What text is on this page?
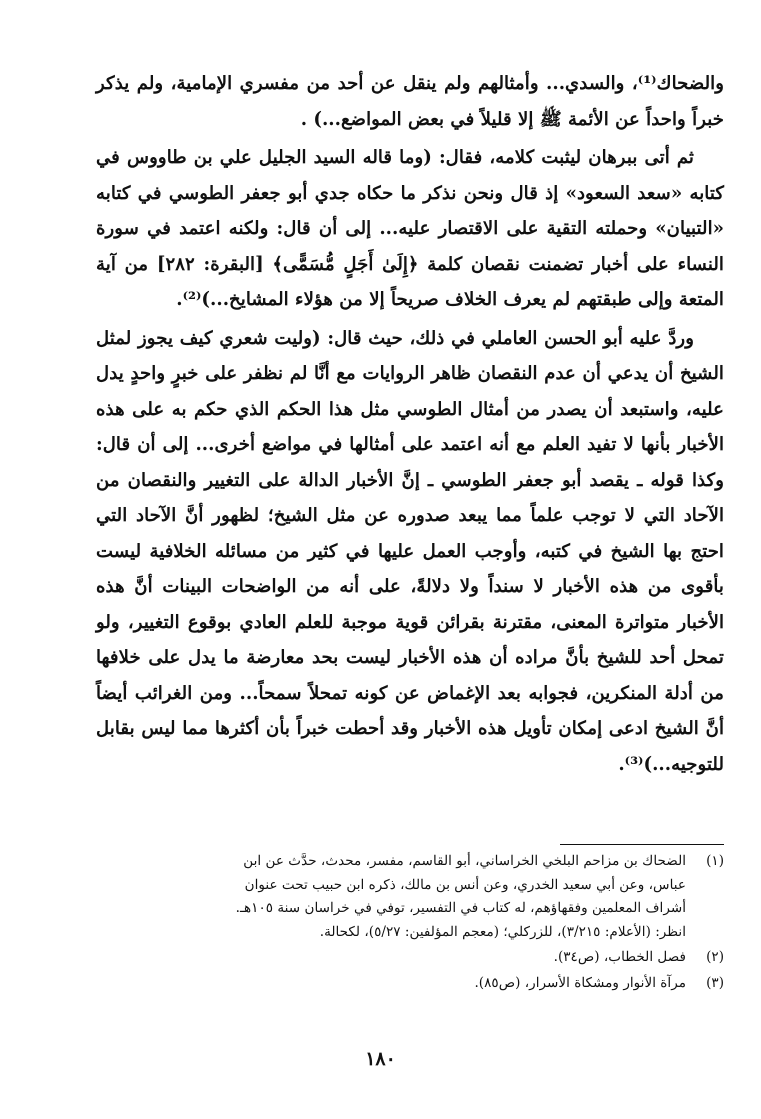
والضحاك⁽¹⁾، والسدي... وأمثالهم ولم ينقل عن أحد من مفسري الإمامية، ولم يذكر خبراً واحداً عن الأئمة ﷺ إلا قليلاً في بعض المواضع...) .

ثم أتى ببرهان ليثبت كلامه، فقال: (وما قاله السيد الجليل علي بن طاووس في كتابه «سعد السعود» إذ قال ونحن نذكر ما حكاه جدي أبو جعفر الطوسي في كتابه «التبيان» وحملته التقية على الاقتصار عليه... إلى أن قال: ولكنه اعتمد في سورة النساء على أخبار تضمنت نقصان كلمة ﴿إِلَىٰ أَجَلٍ مُّسَمًّى﴾ [البقرة: ٢٨٢] من آية المتعة وإلى طبقتهم لم يعرف الخلاف صريحاً إلا من هؤلاء المشايخ...)⁽²⁾.

وردَّ عليه أبو الحسن العاملي في ذلك، حيث قال: (وليت شعري كيف يجوز لمثل الشيخ أن يدعي أن عدم النقصان ظاهر الروايات مع أنَّا لم نظفر على خبرٍ واحدٍ يدل عليه، واستبعد أن يصدر من أمثال الطوسي مثل هذا الحكم الذي حكم به على هذه الأخبار بأنها لا تفيد العلم مع أنه اعتمد على أمثالها في مواضع أخرى... إلى أن قال: وكذا قوله ـ يقصد أبو جعفر الطوسي ـ إنَّ الأخبار الدالة على التغيير والنقصان من الآحاد التي لا توجب علماً مما يبعد صدوره عن مثل الشيخ؛ لظهور أنَّ الآحاد التي احتج بها الشيخ في كتبه، وأوجب العمل عليها في كثير من مسائله الخلافية ليست بأقوى من هذه الأخبار لا سنداً ولا دلالةً، على أنه من الواضحات البينات أنَّ هذه الأخبار متواترة المعنى، مقترنة بقرائن قوية موجبة للعلم العادي بوقوع التغيير، ولو تمحل أحد للشيخ بأنَّ مراده أن هذه الأخبار ليست بحد معارضة ما يدل على خلافها من أدلة المنكرين، فجوابه بعد الإغماض عن كونه تمحلاً سمحاً... ومن الغرائب أيضاً أنَّ الشيخ ادعى إمكان تأويل هذه الأخبار وقد أحطت خبراً بأن أكثرها مما ليس بقابل للتوجيه...)⁽³⁾.

(١)
الضحاك بن مزاحم البلخي الخراساني، أبو القاسم، مفسر، محدث، حدَّث عن ابن
عباس، وعن أبي سعيد الخدري، وعن أنس بن مالك، ذكره ابن حبيب تحت عنوان
أشراف المعلمين وفقهاؤهم، له كتاب في التفسير، توفي في خراسان سنة ١٠٥هـ.
انظر: (الأعلام: ٣/٢١٥)، للزركلي؛ (معجم المؤلفين: ٥/٢٧)، لكحالة.
(٢)
فصل الخطاب، (ص٣٤).
(٣)
مرآة الأنوار ومشكاة الأسرار، (ص٨٥).
١٨٠
